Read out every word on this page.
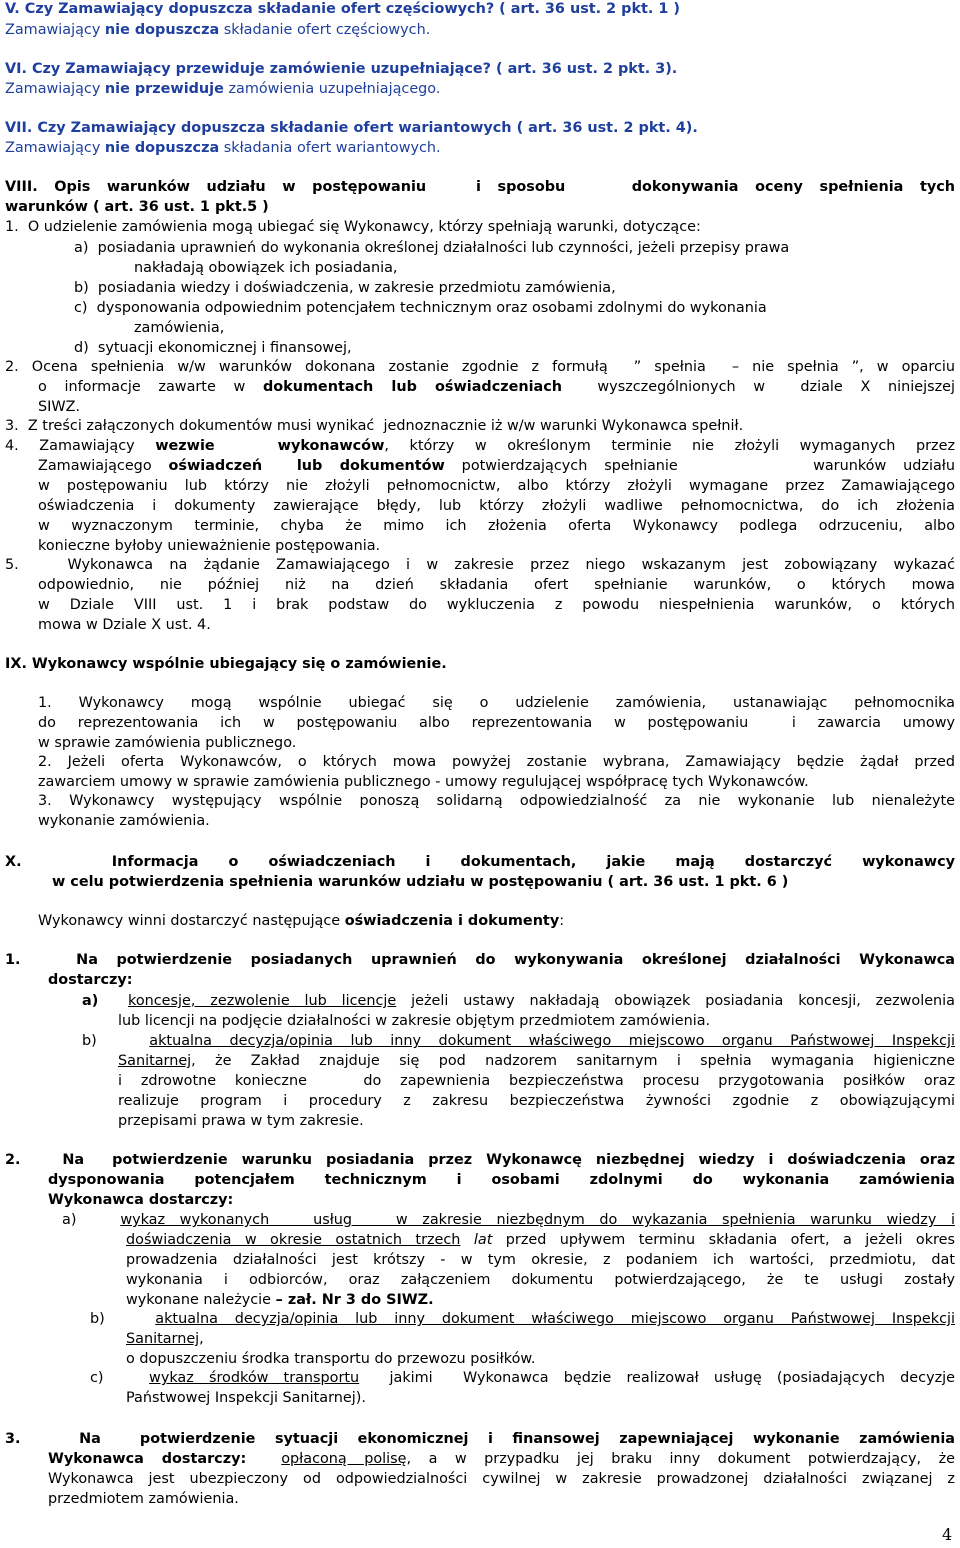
V. Czy Zamawiający dopuszcza składanie ofert częściowych? ( art. 36 ust. 2 pkt. 1 )
Zamawiający nie dopuszcza składanie ofert częściowych.
VI. Czy Zamawiający przewiduje zamówienie uzupełniające? ( art. 36 ust. 2 pkt. 3).
Zamawiający nie przewiduje zamówienia uzupełniającego.
VII. Czy Zamawiający dopuszcza składanie ofert wariantowych ( art. 36 ust. 2 pkt. 4).
Zamawiający nie dopuszcza składania ofert wariantowych.
VIII. Opis warunków udziału w postępowaniu   i sposobu    dokonywania oceny spełnienia tych
warunków ( art. 36 ust. 1 pkt.5 )
1.  O udzielenie zamówienia mogą ubiegać się Wykonawcy, którzy spełniają warunki, dotyczące:
a)  posiadania uprawnień do wykonania określonej działalności lub czynności, jeżeli przepisy prawa
nakładają obowiązek ich posiadania,
b)  posiadania wiedzy i doświadczenia, w zakresie przedmiotu zamówienia,
c)  dysponowania odpowiednim potencjałem technicznym oraz osobami zdolnymi do wykonania
zamówienia,
d)  sytuacji ekonomicznej i finansowej,
2. Ocena spełnienia w/w warunków dokonana zostanie zgodnie z formułą  ” spełnia  – nie spełnia ”, w oparciu
o informacje zawarte w dokumentach lub oświadczeniach  wyszczególnionych w  dziale X niniejszej
SIWZ.
3.  Z treści załączonych dokumentów musi wynikać  jednoznacznie iż w/w warunki Wykonawca spełnił.
4. Zamawiający wezwie   wykonawców, którzy w określonym terminie nie złożyli wymaganych przez
Zamawiającego oświadczeń  lub dokumentów potwierdzających spełnianie        warunków udziału
w postępowaniu lub którzy nie złożyli pełnomocnictw, albo którzy złożyli wymagane przez Zamawiającego
oświadczenia i dokumenty zawierające błędy, lub którzy złożyli wadliwe pełnomocnictwa, do ich złożenia
w wyznaczonym terminie, chyba że mimo ich złożenia oferta Wykonawcy podlega odrzuceniu, albo
konieczne byłoby unieważnienie postępowania.
5.   Wykonawca na żądanie Zamawiającego i w zakresie przez niego wskazanym jest zobowiązany wykazać
odpowiednio, nie później niż na dzień składania ofert spełnianie warunków, o których mowa
w Dziale VIII ust. 1 i brak podstaw do wykluczenia z powodu niespełnienia warunków, o których
mowa w Dziale X ust. 4.
IX. Wykonawcy wspólnie ubiegający się o zamówienie.
1. Wykonawcy mogą wspólnie ubiegać się o udzielenie zamówienia, ustanawiając pełnomocnika
do reprezentowania ich w postępowaniu albo reprezentowania w postępowaniu  i zawarcia umowy
w sprawie zamówienia publicznego.
2. Jeżeli oferta Wykonawców, o których mowa powyżej zostanie wybrana, Zamawiający będzie żądał przed
zawarciem umowy w sprawie zamówienia publicznego - umowy regulującej współpracę tych Wykonawców.
3. Wykonawcy występujący wspólnie ponoszą solidarną odpowiedzialność za nie wykonanie lub nienależyte
wykonanie zamówienia.
X.   Informacja o oświadczeniach i dokumentach, jakie mają dostarczyć wykonawcy
w celu potwierdzenia spełnienia warunków udziału w postępowaniu ( art. 36 ust. 1 pkt. 6 )
Wykonawcy winni dostarczyć następujące oświadczenia i dokumenty:
1.   Na potwierdzenie posiadanych uprawnień do wykonywania określonej działalności Wykonawca
dostarczy:
a) koncesje, zezwolenie lub licencje jeżeli ustawy nakładają obowiązek posiadania koncesji, zezwolenia
lub licencji na podjęcie działalności w zakresie objętym przedmiotem zamówienia.
b)   aktualna decyzja/opinia lub inny dokument właściwego miejscowo organu Państwowej Inspekcji
Sanitarnej, że Zakład znajduje się pod nadzorem sanitarnym i spełnia wymagania higieniczne
i zdrowotne konieczne   do zapewnienia bezpieczeństwa procesu przygotowania posiłków oraz
realizuje program i procedury z zakresu bezpieczeństwa żywności zgodnie z obowiązującymi
przepisami prawa w tym zakresie.
2.   Na  potwierdzenie warunku posiadania przez Wykonawcę niezbędnej wiedzy i doświadczenia oraz
dysponowania potencjałem technicznym i osobami zdolnymi do wykonania zamówienia
Wykonawca dostarczy:
a)   wykaz wykonanych   usług   w zakresie niezbędnym do wykazania spełnienia warunku wiedzy i
doświadczenia w okresie ostatnich trzech lat przed upływem terminu składania ofert, a jeżeli okres
prowadzenia działalności jest krótszy - w tym okresie, z podaniem ich wartości, przedmiotu, dat
wykonania i odbiorców, oraz załączeniem dokumentu potwierdzającego, że te usługi zostały
wykonane należycie – zał. Nr 3 do SIWZ.
b)   aktualna decyzja/opinia lub inny dokument właściwego miejscowo organu Państwowej Inspekcji
Sanitarnej,
o dopuszczeniu środka transportu do przewozu posiłków.
c)   wykaz środków transportu  jakimi  Wykonawca będzie realizował usługę (posiadających decyzje
Państwowej Inspekcji Sanitarnej).
3.   Na  potwierdzenie sytuacji ekonomicznej i finansowej zapewniającej wykonanie zamówienia
Wykonawca dostarczy: opłaconą polisę, a w przypadku jej braku inny dokument potwierdzający, że
Wykonawca jest ubezpieczony od odpowiedzialności cywilnej w zakresie prowadzonej działalności związanej z
przedmiotem zamówienia.
4
